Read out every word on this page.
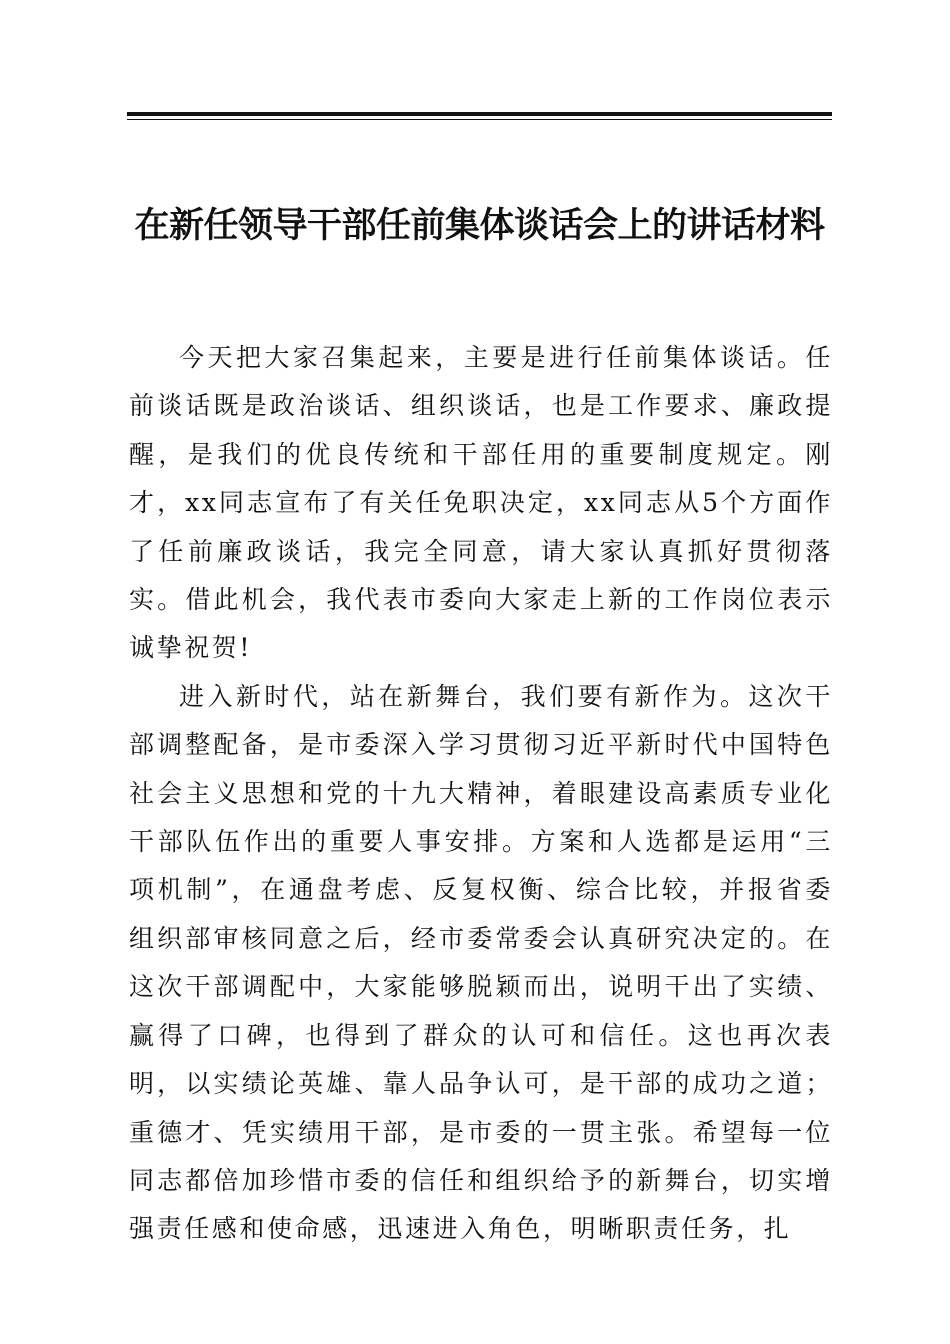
在新任领导干部任前集体谈话会上的讲话材料

今天把大家召集起来，主要是进行任前集体谈话。任前谈话既是政治谈话、组织谈话，也是工作要求、廉政提醒，是我们的优良传统和干部任用的重要制度规定。刚才，xx同志宣布了有关任免职决定，xx同志从5个方面作了任前廉政谈话，我完全同意，请大家认真抓好贯彻落实。借此机会，我代表市委向大家走上新的工作岗位表示诚挚祝贺!

进入新时代，站在新舞台，我们要有新作为。这次干部调整配备，是市委深入学习贯彻习近平新时代中国特色社会主义思想和党的十九大精神，着眼建设高素质专业化干部队伍作出的重要人事安排。方案和人选都是运用“三项机制”，在通盘考虑、反复权衡、综合比较，并报省委组织部审核同意之后，经市委常委会认真研究决定的。在这次干部调配中，大家能够脱颖而出，说明干出了实绩、赢得了口碑，也得到了群众的认可和信任。这也再次表明，以实绩论英雄、靠人品争认可，是干部的成功之道；重德才、凭实绩用干部，是市委的一贯主张。希望每一位同志都倍加珍惜市委的信任和组织给予的新舞台，切实增强责任感和使命感，迅速进入角色，明晰职责任务，扎
